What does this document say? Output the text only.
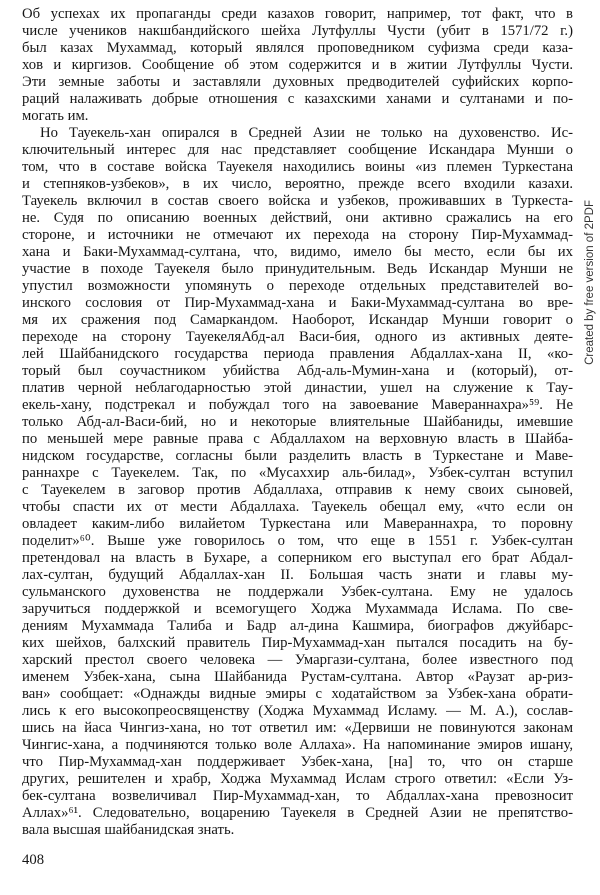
Об успехах их пропаганды среди казахов говорит, например, тот факт, что в
числе учеников накшбандийского шейха Лутфуллы Чусти (убит в 1571/72 г.)
был казах Мухаммад, который являлся проповедником суфизма среди каза-
хов и киргизов. Сообщение об этом содержится и в житии Лутфуллы Чусти.
Эти земные заботы и заставляли духовных предводителей суфийских корпо-
раций налаживать добрые отношения с казахскими ханами и султанами и по-
могать им.
Но Тауекель-хан опирался в Средней Азии не только на духовенство. Ис-
ключительный интерес для нас представляет сообщение Искандара Мунши о
том, что в составе войска Тауекеля находились воины «из племен Туркестана
и степняков-узбеков», в их число, вероятно, прежде всего входили казахи.
Тауекель включил в состав своего войска и узбеков, проживавших в Туркеста-
не. Судя по описанию военных действий, они активно сражались на его
стороне, и источники не отмечают их перехода на сторону Пир-Мухаммад-
хана и Баки-Мухаммад-султана, что, видимо, имело бы место, если бы их
участие в походе Тауекеля было принудительным. Ведь Искандар Мунши не
упустил возможности упомянуть о переходе отдельных представителей во-
инского сословия от Пир-Мухаммад-хана и Баки-Мухаммад-султана во вре-
мя их сражения под Самаркандом. Наоборот, Искандар Мунши говорит о
переходе на сторону ТауекеляАбд-ал Васи-бия, одного из активных деяте-
лей Шайбанидского государства периода правления Абдаллах-хана II, «ко-
торый был соучастником убийства Абд-аль-Мумин-хана и (который), от-
платив черной неблагодарностью этой династии, ушел на служение к Тау-
екель-хану, подстрекал и побуждал того на завоевание Мавераннахра»⁵⁹. Не
только Абд-ал-Васи-бий, но и некоторые влиятельные Шайбаниды, имевшие
по меньшей мере равные права с Абдаллахом на верховную власть в Шайба-
нидском государстве, согласны были разделить власть в Туркестане и Маве-
раннахре с Тауекелем. Так, по «Мусаххир аль-билад», Узбек-султан вступил
с Тауекелем в заговор против Абдаллаха, отправив к нему своих сыновей,
чтобы спасти их от мести Абдаллаха. Тауекель обещал ему, «что если он
овладеет каким-либо вилайетом Туркестана или Мавераннахра, то поровну
поделит»⁶⁰. Выше уже говорилось о том, что еще в 1551 г. Узбек-султан
претендовал на власть в Бухаре, а соперником его выступал его брат Абдал-
лах-султан, будущий Абдаллах-хан II. Большая часть знати и главы му-
сульманского духовенства не поддержали Узбек-султана. Ему не удалось
заручиться поддержкой и всемогущего Ходжа Мухаммада Ислама. По све-
дениям Мухаммада Талиба и Бадр ал-дина Кашмира, биографов джуйбарс-
ких шейхов, балхский правитель Пир-Мухаммад-хан пытался посадить на бу-
харский престол своего человека — Умаргази-султана, более известного под
именем Узбек-хана, сына Шайбанида Рустам-султана. Автор «Раузат ар-риз-
ван» сообщает: «Однажды видные эмиры с ходатайством за Узбек-хана обрати-
лись к его высокопреосвященству (Ходжа Мухаммад Исламу. — М. А.), сослав-
шись на йаса Чингиз-хана, но тот ответил им: «Дервиши не повинуются законам
Чингис-хана, а подчиняются только воле Аллаха». На напоминание эмиров ишану,
что Пир-Мухаммад-хан поддерживает Узбек-хана, [на] то, что он старше
других, решителен и храбр, Ходжа Мухаммад Ислам строго ответил: «Если Уз-
бек-султана возвеличивал Пир-Мухаммад-хан, то Абдаллах-хана превозносит
Аллах»⁶¹. Следовательно, воцарению Тауекеля в Средней Азии не препятство-
вала высшая шайбанидская знать.
408
Created by free version of 2PDF
